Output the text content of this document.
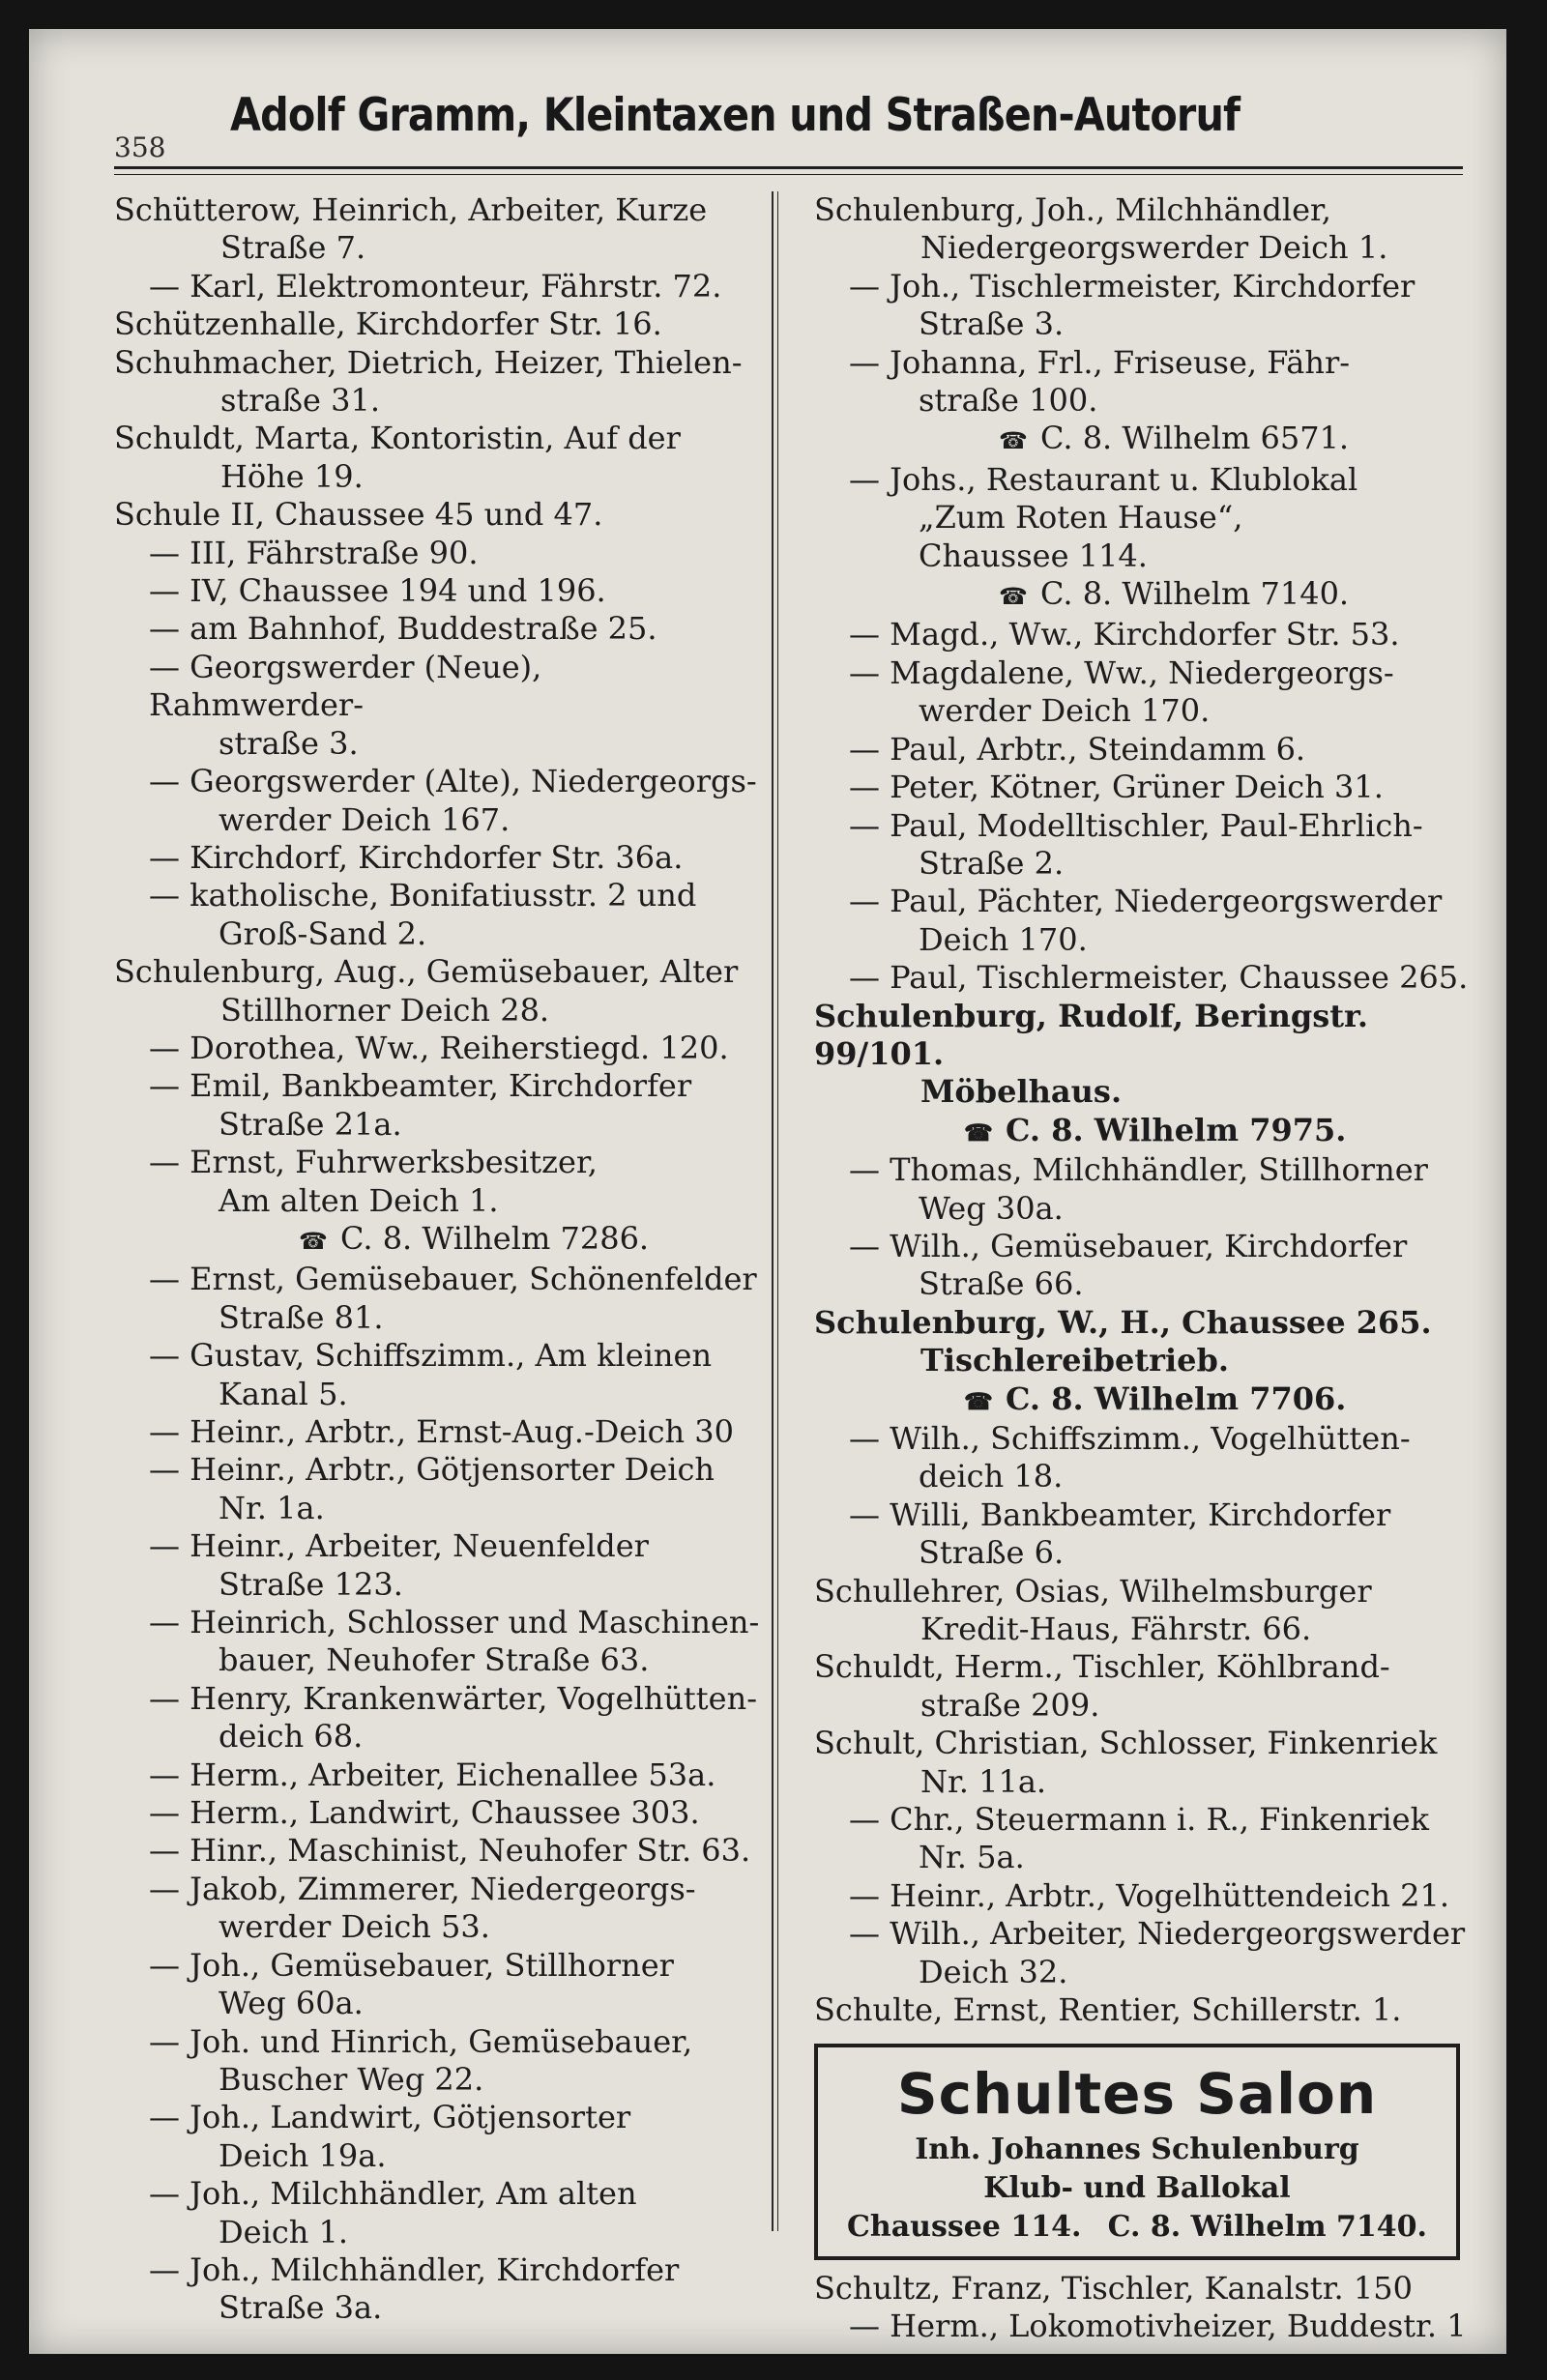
358
Adolf Gramm, Kleintaxen und Straßen-Autoruf
Schütterow, Heinrich, Arbeiter, Kurze
Straße 7.
— Karl, Elektromonteur, Fährstr. 72.
Schützenhalle, Kirchdorfer Str. 16.
Schuhmacher, Dietrich, Heizer, Thielen-
straße 31.
Schuldt, Marta, Kontoristin, Auf der
Höhe 19.
Schule II, Chaussee 45 und 47.
— III, Fährstraße 90.
— IV, Chaussee 194 und 196.
— am Bahnhof, Buddestraße 25.
— Georgswerder (Neue), Rahmwerder-
straße 3.
— Georgswerder (Alte), Niedergeorgs-
werder Deich 167.
— Kirchdorf, Kirchdorfer Str. 36a.
— katholische, Bonifatiusstr. 2 und
Groß-Sand 2.
Schulenburg, Aug., Gemüsebauer, Alter
Stillhorner Deich 28.
— Dorothea, Ww., Reiherstiegd. 120.
— Emil, Bankbeamter, Kirchdorfer
Straße 21a.
— Ernst, Fuhrwerksbesitzer,
Am alten Deich 1.
☎ C. 8. Wilhelm 7286.
— Ernst, Gemüsebauer, Schönenfelder
Straße 81.
— Gustav, Schiffszimm., Am kleinen
Kanal 5.
— Heinr., Arbtr., Ernst-Aug.-Deich 30
— Heinr., Arbtr., Götjensorter Deich
Nr. 1a.
— Heinr., Arbeiter, Neuenfelder
Straße 123.
— Heinrich, Schlosser und Maschinen-
bauer, Neuhofer Straße 63.
— Henry, Krankenwärter, Vogelhütten-
deich 68.
— Herm., Arbeiter, Eichenallee 53a.
— Herm., Landwirt, Chaussee 303.
— Hinr., Maschinist, Neuhofer Str. 63.
— Jakob, Zimmerer, Niedergeorgs-
werder Deich 53.
— Joh., Gemüsebauer, Stillhorner
Weg 60a.
— Joh. und Hinrich, Gemüsebauer,
Buscher Weg 22.
— Joh., Landwirt, Götjensorter
Deich 19a.
— Joh., Milchhändler, Am alten
Deich 1.
— Joh., Milchhändler, Kirchdorfer
Straße 3a.
Schulenburg, Joh., Milchhändler,
Niedergeorgswerder Deich 1.
— Joh., Tischlermeister, Kirchdorfer
Straße 3.
— Johanna, Frl., Friseuse, Fähr-
straße 100.
☎ C. 8. Wilhelm 6571.
— Johs., Restaurant u. Klublokal
„Zum Roten Hause“,
Chaussee 114.
☎ C. 8. Wilhelm 7140.
— Magd., Ww., Kirchdorfer Str. 53.
— Magdalene, Ww., Niedergeorgs-
werder Deich 170.
— Paul, Arbtr., Steindamm 6.
— Peter, Kötner, Grüner Deich 31.
— Paul, Modelltischler, Paul-Ehrlich-
Straße 2.
— Paul, Pächter, Niedergeorgswerder
Deich 170.
— Paul, Tischlermeister, Chaussee 265.
Schulenburg, Rudolf, Beringstr. 99/101.
Möbelhaus.
☎ C. 8. Wilhelm 7975.
— Thomas, Milchhändler, Stillhorner
Weg 30a.
— Wilh., Gemüsebauer, Kirchdorfer
Straße 66.
Schulenburg, W., H., Chaussee 265.
Tischlereibetrieb.
☎ C. 8. Wilhelm 7706.
— Wilh., Schiffszimm., Vogelhütten-
deich 18.
— Willi, Bankbeamter, Kirchdorfer
Straße 6.
Schullehrer, Osias, Wilhelmsburger
Kredit-Haus, Fährstr. 66.
Schuldt, Herm., Tischler, Köhlbrand-
straße 209.
Schult, Christian, Schlosser, Finkenriek
Nr. 11a.
— Chr., Steuermann i. R., Finkenriek
Nr. 5a.
— Heinr., Arbtr., Vogelhüttendeich 21.
— Wilh., Arbeiter, Niedergeorgswerder
Deich 32.
Schulte, Ernst, Rentier, Schillerstr. 1.
Schultes Salon
Inh. Johannes Schulenburg
Klub- und Ballokal
Chaussee 114. C. 8. Wilhelm 7140.
Schultz, Franz, Tischler, Kanalstr. 150
— Herm., Lokomotivheizer, Buddestr. 1
